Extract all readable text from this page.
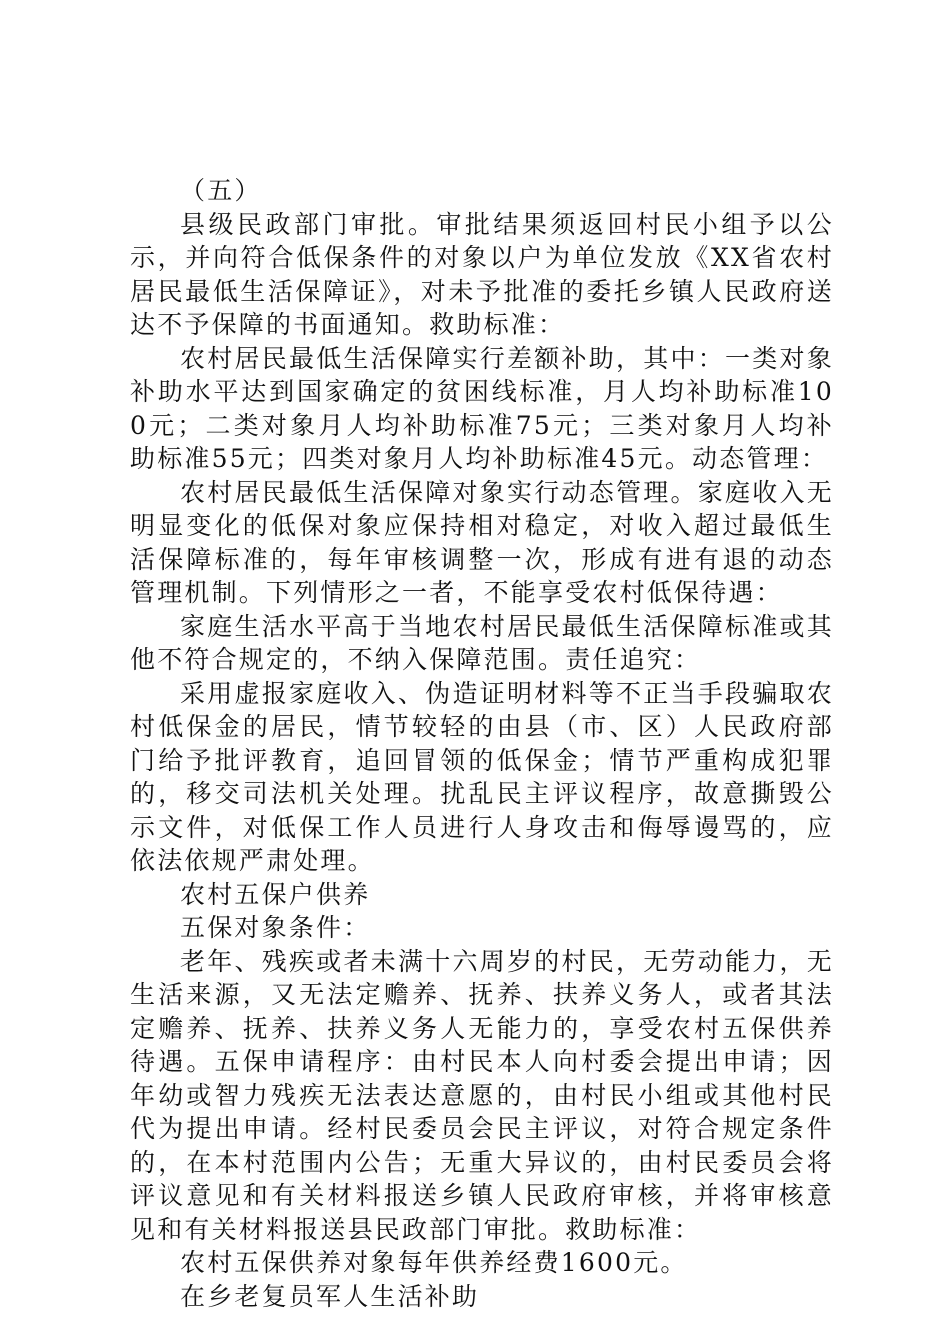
（五）

县级民政部门审批。审批结果须返回村民小组予以公示，并向符合低保条件的对象以户为单位发放《XX省农村居民最低生活保障证》，对未予批准的委托乡镇人民政府送达不予保障的书面通知。救助标准：

农村居民最低生活保障实行差额补助，其中：一类对象补助水平达到国家确定的贫困线标准，月人均补助标准100元；二类对象月人均补助标准75元；三类对象月人均补助标准55元；四类对象月人均补助标准45元。动态管理：

农村居民最低生活保障对象实行动态管理。家庭收入无明显变化的低保对象应保持相对稳定，对收入超过最低生活保障标准的，每年审核调整一次，形成有进有退的动态管理机制。下列情形之一者，不能享受农村低保待遇：

家庭生活水平高于当地农村居民最低生活保障标准或其他不符合规定的，不纳入保障范围。责任追究：

采用虚报家庭收入、伪造证明材料等不正当手段骗取农村低保金的居民，情节较轻的由县（市、区）人民政府部门给予批评教育，追回冒领的低保金；情节严重构成犯罪的，移交司法机关处理。扰乱民主评议程序，故意撕毁公示文件，对低保工作人员进行人身攻击和侮辱谩骂的，应依法依规严肃处理。

农村五保户供养

五保对象条件：

老年、残疾或者未满十六周岁的村民，无劳动能力，无生活来源，又无法定赡养、抚养、扶养义务人，或者其法定赡养、抚养、扶养义务人无能力的，享受农村五保供养待遇。五保申请程序：由村民本人向村委会提出申请；因年幼或智力残疾无法表达意愿的，由村民小组或其他村民代为提出申请。经村民委员会民主评议，对符合规定条件的，在本村范围内公告；无重大异议的，由村民委员会将评议意见和有关材料报送乡镇人民政府审核，并将审核意见和有关材料报送县民政部门审批。救助标准：

农村五保供养对象每年供养经费1600元。

在乡老复员军人生活补助
